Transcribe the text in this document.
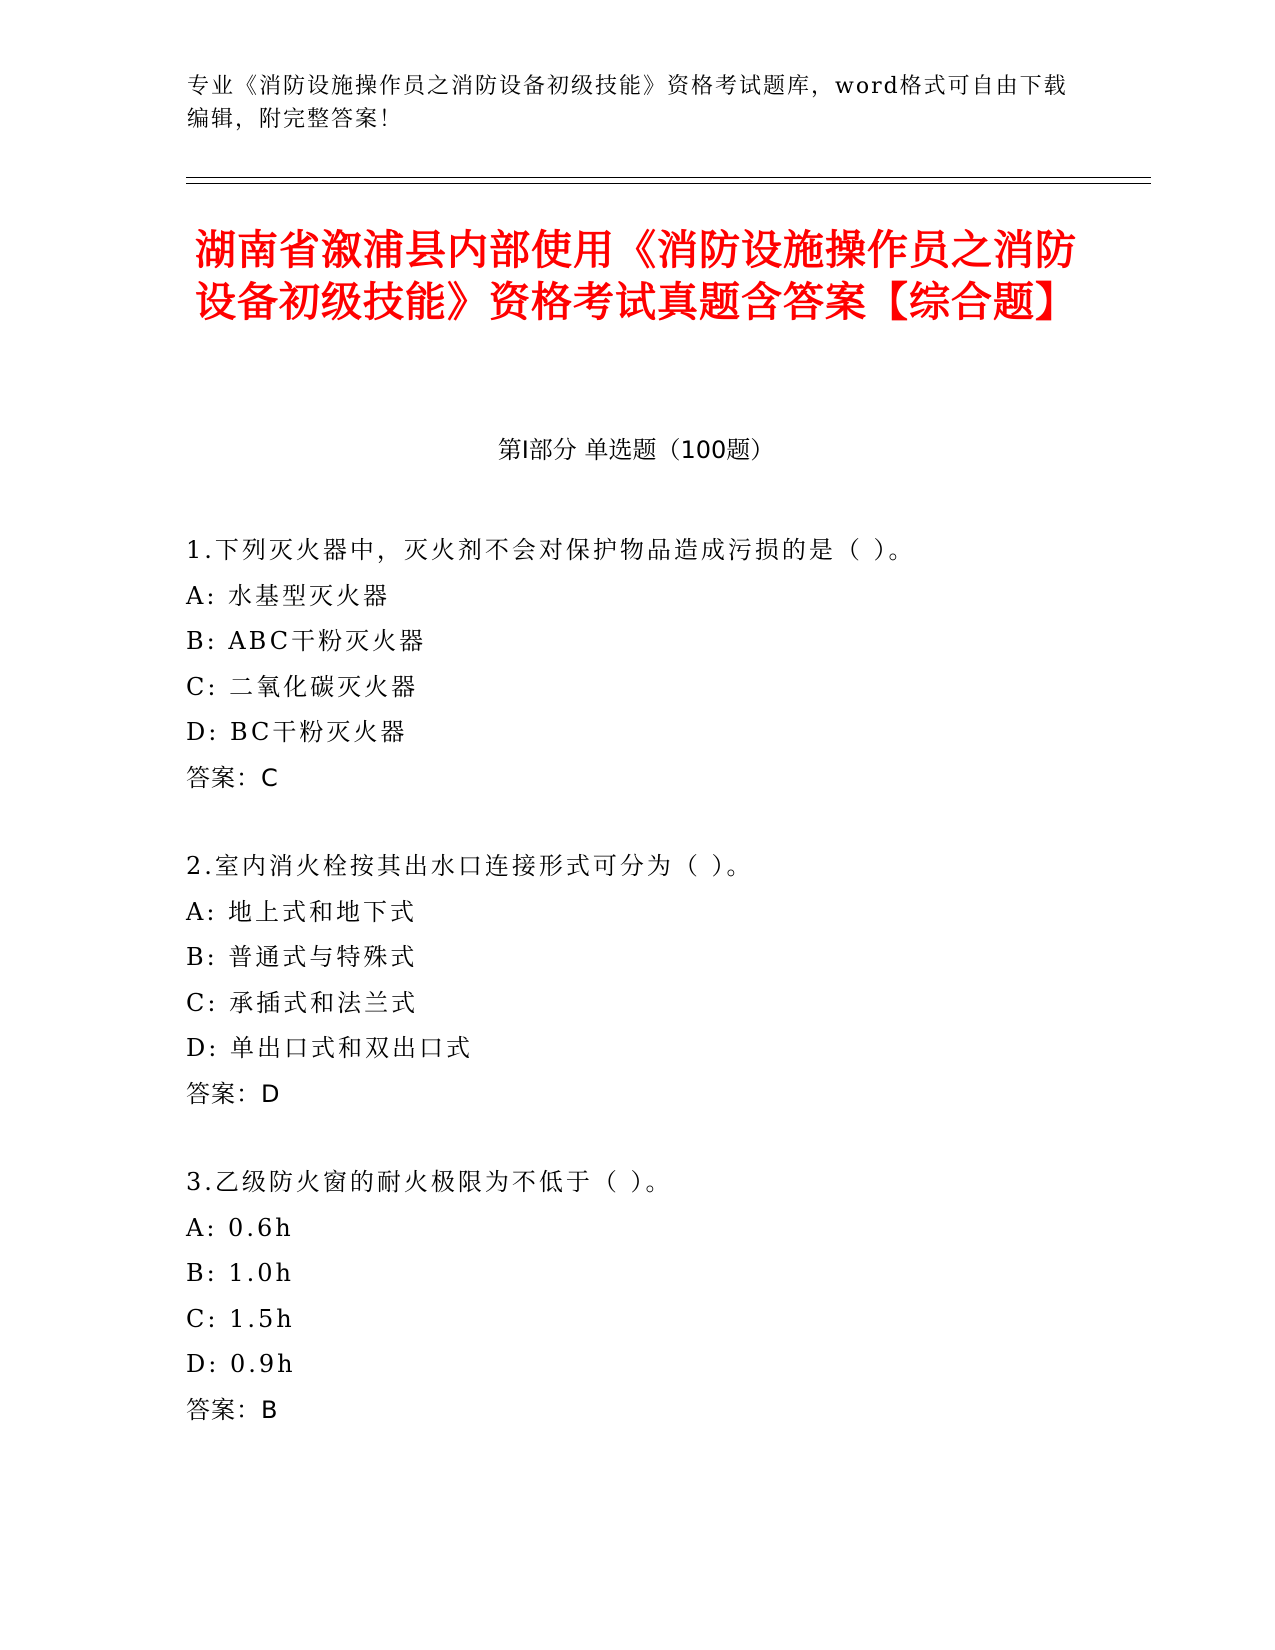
专业《消防设施操作员之消防设备初级技能》资格考试题库，word格式可自由下载编辑，附完整答案！
湖南省溆浦县内部使用《消防设施操作员之消防设备初级技能》资格考试真题含答案【综合题】
第Ⅰ部分 单选题（100题）
1.下列灭火器中，灭火剂不会对保护物品造成污损的是（ ）。
A: 水基型灭火器
B: ABC干粉灭火器
C: 二氧化碳灭火器
D: BC干粉灭火器
答案：C
2.室内消火栓按其出水口连接形式可分为（ ）。
A: 地上式和地下式
B: 普通式与特殊式
C: 承插式和法兰式
D: 单出口式和双出口式
答案：D
3.乙级防火窗的耐火极限为不低于（ ）。
A: 0.6h
B: 1.0h
C: 1.5h
D: 0.9h
答案：B
